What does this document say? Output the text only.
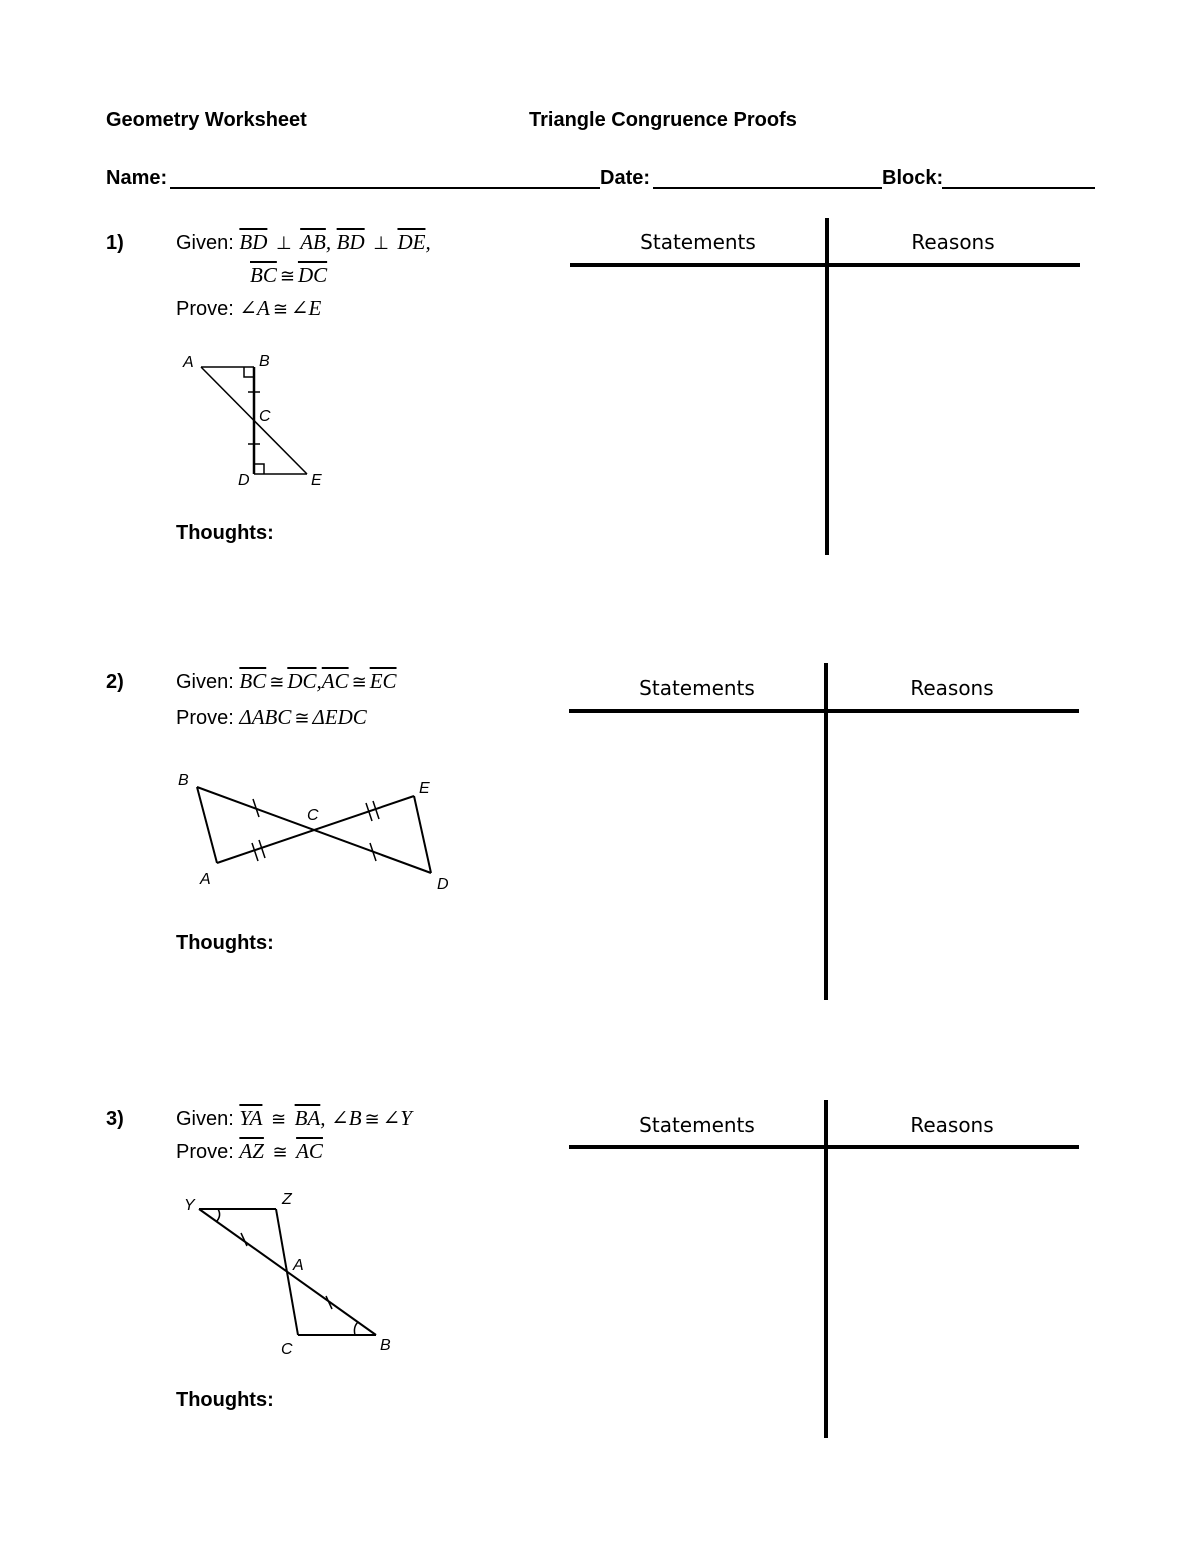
Geometry Worksheet	Triangle Congruence Proofs
Name:	Date:	Block:
1)	Given: $\overline{BD}$ ⊥ $\overline{AB}$, $\overline{BD}$ ⊥ $\overline{DE}$,
$\overline{BC}$ ≅ $\overline{DC}$
Prove: ∠A ≅ ∠E
A	B
C
D	E
Thoughts:
Statements	Reasons
2)	Given: $\overline{BC}$ ≅ $\overline{DC},\overline{AC}$ ≅ $\overline{EC}$
Prove: ΔABC ≅ ΔEDC
B	E
C
A	D
Thoughts:
Statements	Reasons
3)	Given: $\overline{YA}$ ≅ $\overline{BA}$, ∠B ≅ ∠Y
Prove: $\overline{AZ}$ ≅ $\overline{AC}$
Y	Z
A
C	B
Thoughts:
Statements	Reasons
